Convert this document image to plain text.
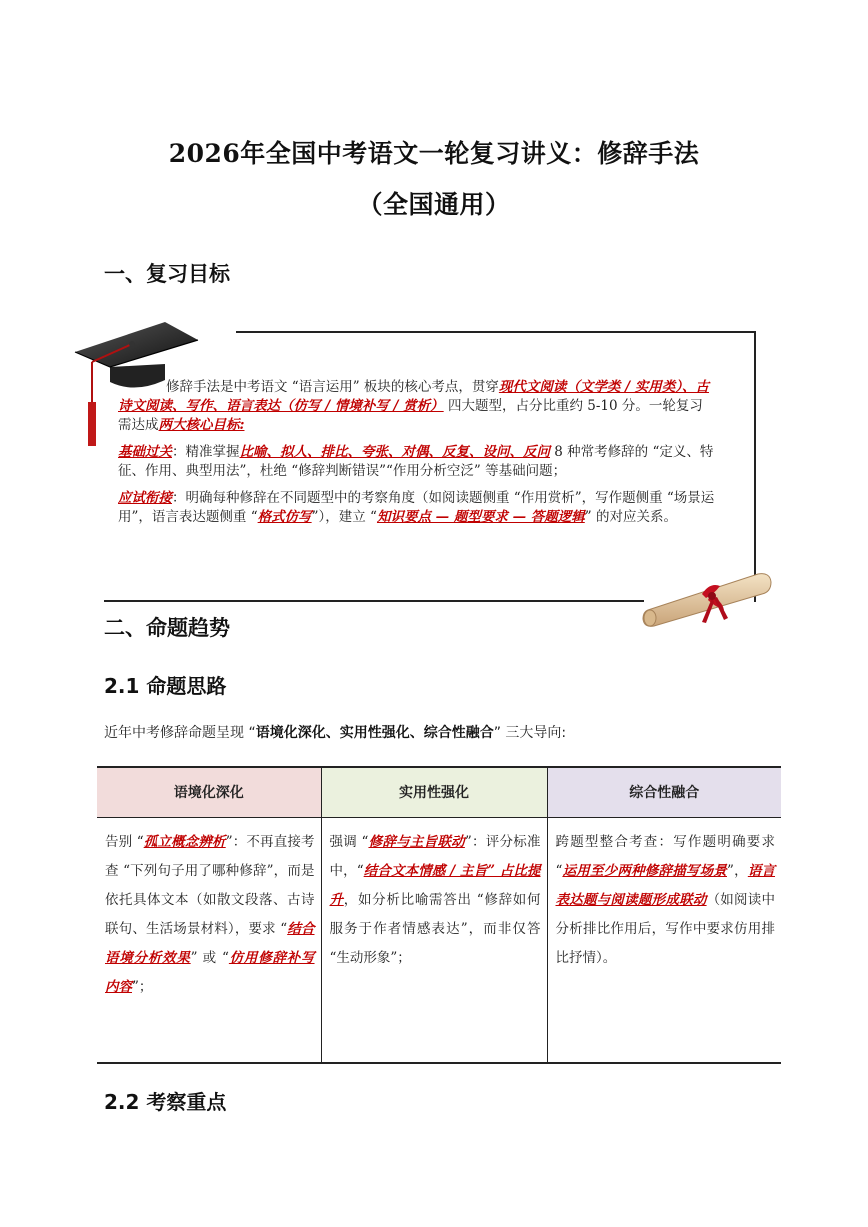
2026年全国中考语文一轮复习讲义：修辞手法
（全国通用）
一、复习目标

修辞手法是中考语文 “语言运用” 板块的核心考点，贯穿现代文阅读（文学类 / 实用类）、古诗文阅读、写作、语言表达（仿写 / 情境补写 / 赏析） 四大题型，占分比重约 5-10 分。一轮复习需达成两大核心目标:

基础过关：精准掌握比喻、拟人、排比、夸张、对偶、反复、设问、反问 8 种常考修辞的 “定义、特征、作用、典型用法”，杜绝 “修辞判断错误”“作用分析空泛” 等基础问题；

应试衔接：明确每种修辞在不同题型中的考察角度（如阅读题侧重 “作用赏析”，写作题侧重 “场景运用”，语言表达题侧重 “格式仿写”），建立 “知识要点 — 题型要求 — 答题逻辑” 的对应关系。

二、命题趋势
2.1 命题思路
近年中考修辞命题呈现 “语境化深化、实用性强化、综合性融合” 三大导向:
语境化深化	实用性强化	综合性融合
告别 “孤立概念辨析”：不再直接考查 “下列句子用了哪种修辞”，而是依托具体文本（如散文段落、古诗联句、生活场景材料），要求 “结合语境分析效果” 或 “仿用修辞补写内容”；	强调 “修辞与主旨联动”：评分标准中，“结合文本情感 / 主旨” 占比提升，如分析比喻需答出 “修辞如何服务于作者情感表达”，而非仅答 “生动形象”；	跨题型整合考查：写作题明确要求 “运用至少两种修辞描写场景”，语言表达题与阅读题形成联动（如阅读中分析排比作用后，写作中要求仿用排比抒情）。
2.2 考察重点
